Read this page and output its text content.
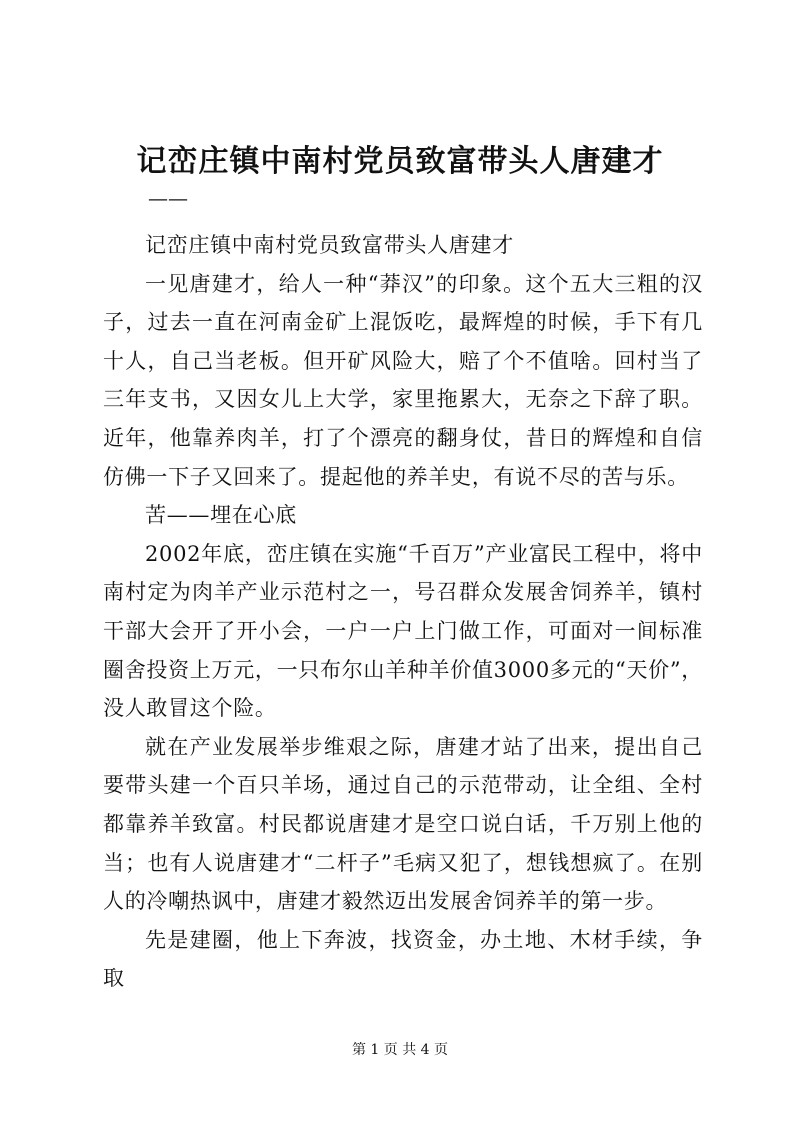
记峦庄镇中南村党员致富带头人唐建才
——

记峦庄镇中南村党员致富带头人唐建才

一见唐建才，给人一种“莽汉”的印象。这个五大三粗的汉子，过去一直在河南金矿上混饭吃，最辉煌的时候，手下有几十人，自己当老板。但开矿风险大，赔了个不值啥。回村当了三年支书，又因女儿上大学，家里拖累大，无奈之下辞了职。近年，他靠养肉羊，打了个漂亮的翻身仗，昔日的辉煌和自信仿佛一下子又回来了。提起他的养羊史，有说不尽的苦与乐。

苦——埋在心底

2002年底，峦庄镇在实施“千百万”产业富民工程中，将中南村定为肉羊产业示范村之一，号召群众发展舍饲养羊，镇村干部大会开了开小会，一户一户上门做工作，可面对一间标准圈舍投资上万元，一只布尔山羊种羊价值3000多元的“天价”，没人敢冒这个险。

就在产业发展举步维艰之际，唐建才站了出来，提出自己要带头建一个百只羊场，通过自己的示范带动，让全组、全村都靠养羊致富。村民都说唐建才是空口说白话，千万别上他的当；也有人说唐建才“二杆子”毛病又犯了，想钱想疯了。在别人的冷嘲热讽中，唐建才毅然迈出发展舍饲养羊的第一步。

先是建圈，他上下奔波，找资金，办土地、木材手续，争取

第 1 页 共 4 页
